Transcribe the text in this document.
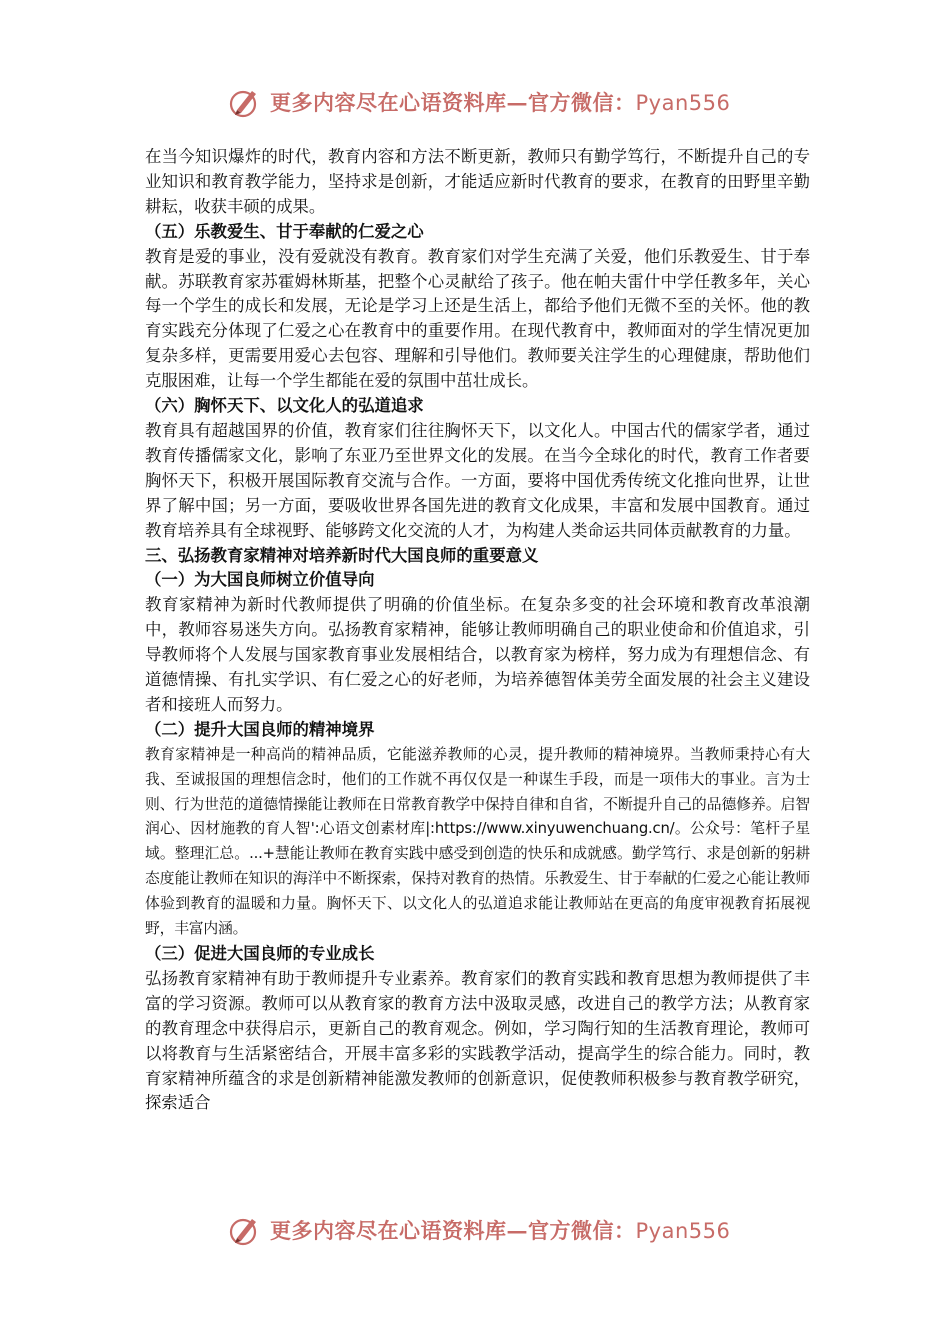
更多内容尽在心语资料库—官方微信：Pyan556

在当今知识爆炸的时代，教育内容和方法不断更新，教师只有勤学笃行，不断提升自己的专业知识和教育教学能力，坚持求是创新，才能适应新时代教育的要求，在教育的田野里辛勤耕耘，收获丰硕的成果。

（五）乐教爱生、甘于奉献的仁爱之心

教育是爱的事业，没有爱就没有教育。教育家们对学生充满了关爱，他们乐教爱生、甘于奉献。苏联教育家苏霍姆林斯基，把整个心灵献给了孩子。他在帕夫雷什中学任教多年，关心每一个学生的成长和发展，无论是学习上还是生活上，都给予他们无微不至的关怀。他的教育实践充分体现了仁爱之心在教育中的重要作用。在现代教育中，教师面对的学生情况更加复杂多样，更需要用爱心去包容、理解和引导他们。教师要关注学生的心理健康，帮助他们克服困难，让每一个学生都能在爱的氛围中茁壮成长。

（六）胸怀天下、以文化人的弘道追求

教育具有超越国界的价值，教育家们往往胸怀天下，以文化人。中国古代的儒家学者，通过教育传播儒家文化，影响了东亚乃至世界文化的发展。在当今全球化的时代，教育工作者要胸怀天下，积极开展国际教育交流与合作。一方面，要将中国优秀传统文化推向世界，让世界了解中国；另一方面，要吸收世界各国先进的教育文化成果，丰富和发展中国教育。通过教育培养具有全球视野、能够跨文化交流的人才，为构建人类命运共同体贡献教育的力量。

三、弘扬教育家精神对培养新时代大国良师的重要意义

（一）为大国良师树立价值导向

教育家精神为新时代教师提供了明确的价值坐标。在复杂多变的社会环境和教育改革浪潮中，教师容易迷失方向。弘扬教育家精神，能够让教师明确自己的职业使命和价值追求，引导教师将个人发展与国家教育事业发展相结合，以教育家为榜样，努力成为有理想信念、有道德情操、有扎实学识、有仁爱之心的好老师，为培养德智体美劳全面发展的社会主义建设者和接班人而努力。

（二）提升大国良师的精神境界

教育家精神是一种高尚的精神品质，它能滋养教师的心灵，提升教师的精神境界。当教师秉持心有大我、至诚报国的理想信念时，他们的工作就不再仅仅是一种谋生手段，而是一项伟大的事业。言为士则、行为世范的道德情操能让教师在日常教育教学中保持自律和自省，不断提升自己的品德修养。启智润心、因材施教的育人智':心语文创素材库|:https://www.xinyuwenchuang.cn/。公众号：笔杆子星域。整理汇总。...+慧能让教师在教育实践中感受到创造的快乐和成就感。勤学笃行、求是创新的躬耕态度能让教师在知识的海洋中不断探索，保持对教育的热情。乐教爱生、甘于奉献的仁爱之心能让教师体验到教育的温暖和力量。胸怀天下、以文化人的弘道追求能让教师站在更高的角度审视教育拓展视野，丰富内涵。

（三）促进大国良师的专业成长

弘扬教育家精神有助于教师提升专业素养。教育家们的教育实践和教育思想为教师提供了丰富的学习资源。教师可以从教育家的教育方法中汲取灵感，改进自己的教学方法；从教育家的教育理念中获得启示，更新自己的教育观念。例如，学习陶行知的生活教育理论，教师可以将教育与生活紧密结合，开展丰富多彩的实践教学活动，提高学生的综合能力。同时，教育家精神所蕴含的求是创新精神能激发教师的创新意识，促使教师积极参与教育教学研究，探索适合

更多内容尽在心语资料库—官方微信：Pyan556
